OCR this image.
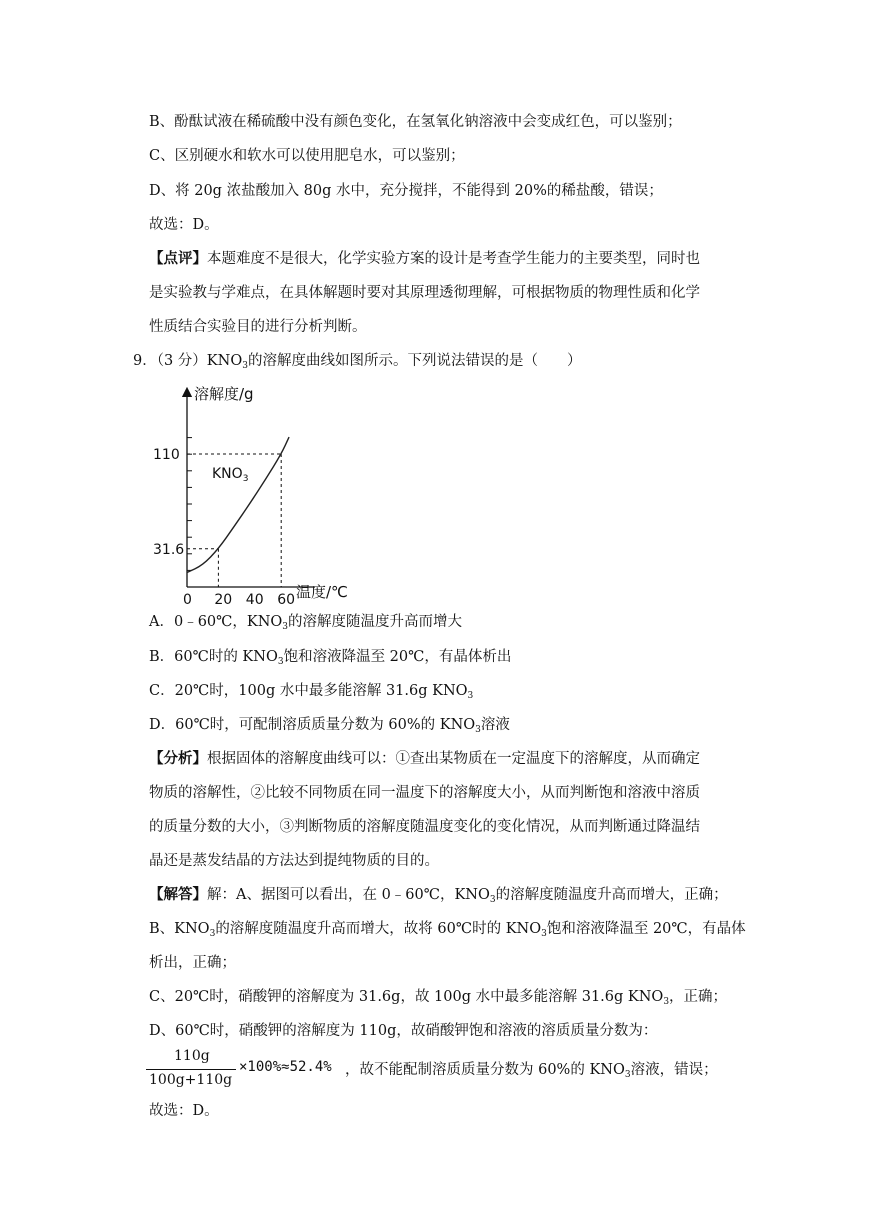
B、酚酞试液在稀硫酸中没有颜色变化，在氢氧化钠溶液中会变成红色，可以鉴别；
C、区别硬水和软水可以使用肥皂水，可以鉴别；
D、将 20g 浓盐酸加入 80g 水中，充分搅拌，不能得到 20%的稀盐酸，错误；
故选：D。
【点评】本题难度不是很大，化学实验方案的设计是考查学生能力的主要类型，同时也
是实验教与学难点，在具体解题时要对其原理透彻理解，可根据物质的物理性质和化学
性质结合实验目的进行分析判断。
9．（3 分）$KNO_3$的溶解度曲线如图所示。下列说法错误的是（　　）
溶解度/g
温度/℃
$KNO_3$
0 20 40 60
31.6
110
A．0﹣60℃，$KNO_3$的溶解度随温度升高而增大
B．60℃时的 $KNO_3$饱和溶液降温至 20℃，有晶体析出
C．20℃时，100g 水中最多能溶解 31.6g $KNO_3$
D．60℃时，可配制溶质质量分数为 60%的 $KNO_3$溶液
【分析】根据固体的溶解度曲线可以：①查出某物质在一定温度下的溶解度，从而确定
物质的溶解性，②比较不同物质在同一温度下的溶解度大小，从而判断饱和溶液中溶质
的质量分数的大小，③判断物质的溶解度随温度变化的变化情况，从而判断通过降温结
晶还是蒸发结晶的方法达到提纯物质的目的。
【解答】解：A、据图可以看出，在 0﹣60℃，$KNO_3$的溶解度随温度升高而增大，正确；
B、$KNO_3$的溶解度随温度升高而增大，故将 60℃时的 $KNO_3$饱和溶液降温至 20℃，有晶体
析出，正确；
C、20℃时，硝酸钾的溶解度为 31.6g，故 100g 水中最多能溶解 31.6g $KNO_3$，正确；
D、60℃时，硝酸钾的溶解度为 110g，故硝酸钾饱和溶液的溶质质量分数为：
110g
100g+110g
×100%≈52.4% ，故不能配制溶质质量分数为 60%的 $KNO_3$溶液，错误；
故选：D。
